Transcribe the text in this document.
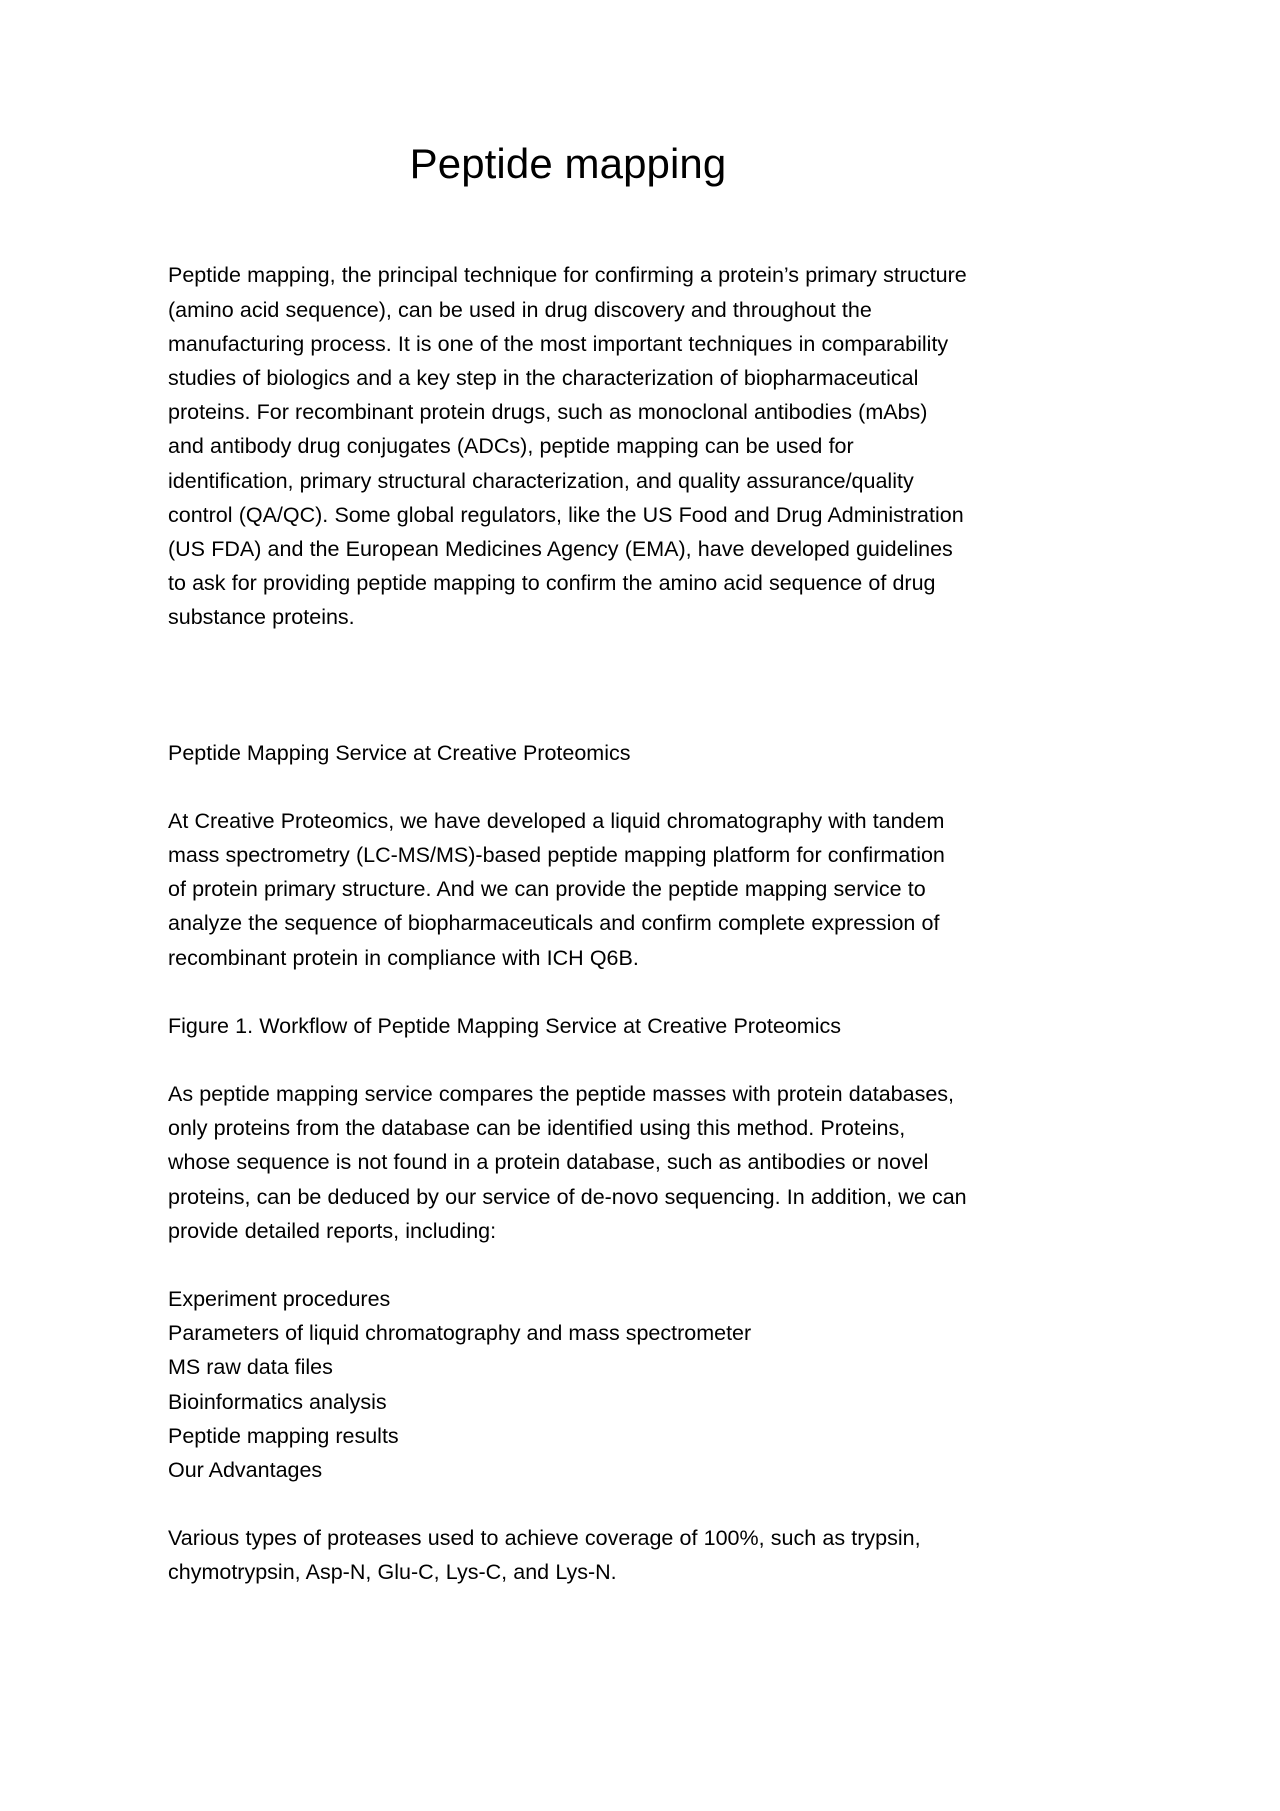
Peptide mapping

Peptide mapping, the principal technique for confirming a protein’s primary structure (amino acid sequence), can be used in drug discovery and throughout the manufacturing process. It is one of the most important techniques in comparability studies of biologics and a key step in the characterization of biopharmaceutical proteins. For recombinant protein drugs, such as monoclonal antibodies (mAbs) and antibody drug conjugates (ADCs), peptide mapping can be used for identification, primary structural characterization, and quality assurance/quality control (QA/QC). Some global regulators, like the US Food and Drug Administration (US FDA) and the European Medicines Agency (EMA), have developed guidelines to ask for providing peptide mapping to confirm the amino acid sequence of drug substance proteins.

Peptide Mapping Service at Creative Proteomics

At Creative Proteomics, we have developed a liquid chromatography with tandem mass spectrometry (LC-MS/MS)-based peptide mapping platform for confirmation of protein primary structure. And we can provide the peptide mapping service to analyze the sequence of biopharmaceuticals and confirm complete expression of recombinant protein in compliance with ICH Q6B.

Figure 1. Workflow of Peptide Mapping Service at Creative Proteomics

As peptide mapping service compares the peptide masses with protein databases, only proteins from the database can be identified using this method. Proteins, whose sequence is not found in a protein database, such as antibodies or novel proteins, can be deduced by our service of de-novo sequencing. In addition, we can provide detailed reports, including:

Experiment procedures
Parameters of liquid chromatography and mass spectrometer
MS raw data files
Bioinformatics analysis
Peptide mapping results
Our Advantages

Various types of proteases used to achieve coverage of 100%, such as trypsin, chymotrypsin, Asp-N, Glu-C, Lys-C, and Lys-N.
